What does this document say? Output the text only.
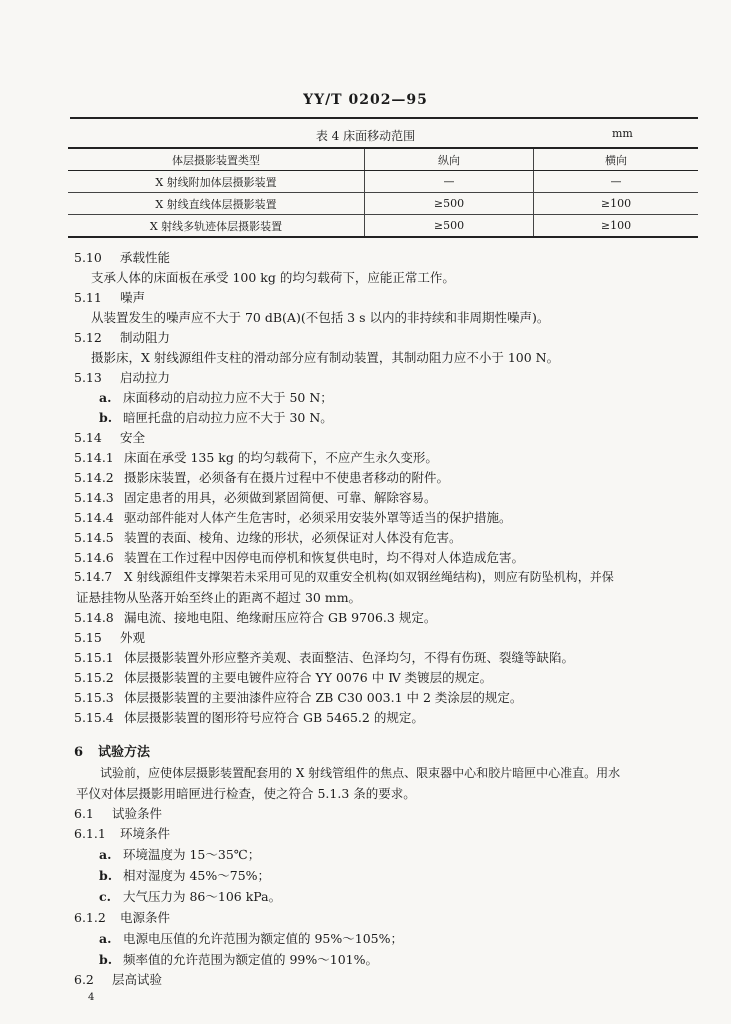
YY/T 0202—95
表 4 床面移动范围	mm
体层摄影装置类型	纵向	横向
X 射线附加体层摄影装置	—	—
X 射线直线体层摄影装置	≥500	≥100
X 射线多轨迹体层摄影装置	≥500	≥100
5.10 承载性能
支承人体的床面板在承受 100 kg 的均匀载荷下，应能正常工作。
5.11 噪声
从装置发生的噪声应不大于 70 dB(A)(不包括 3 s 以内的非持续和非周期性噪声)。
5.12 制动阻力
摄影床，X 射线源组件支柱的滑动部分应有制动装置，其制动阻力应不小于 100 N。
5.13 启动拉力
a. 床面移动的启动拉力应不大于 50 N；
b. 暗匣托盘的启动拉力应不大于 30 N。
5.14 安全
5.14.1 床面在承受 135 kg 的均匀载荷下，不应产生永久变形。
5.14.2 摄影床装置，必须备有在摄片过程中不使患者移动的附件。
5.14.3 固定患者的用具，必须做到紧固简便、可靠、解除容易。
5.14.4 驱动部件能对人体产生危害时，必须采用安装外罩等适当的保护措施。
5.14.5 装置的表面、棱角、边缘的形状，必须保证对人体没有危害。
5.14.6 装置在工作过程中因停电而停机和恢复供电时，均不得对人体造成危害。
5.14.7 X 射线源组件支撑架若未采用可见的双重安全机构(如双钢丝绳结构)，则应有防坠机构，并保
证悬挂物从坠落开始至终止的距离不超过 30 mm。
5.14.8 漏电流、接地电阻、绝缘耐压应符合 GB 9706.3 规定。
5.15 外观
5.15.1 体层摄影装置外形应整齐美观、表面整洁、色泽均匀，不得有伤斑、裂缝等缺陷。
5.15.2 体层摄影装置的主要电镀件应符合 YY 0076 中 Ⅳ 类镀层的规定。
5.15.3 体层摄影装置的主要油漆件应符合 ZB C30 003.1 中 2 类涂层的规定。
5.15.4 体层摄影装置的图形符号应符合 GB 5465.2 的规定。
6 试验方法
试验前，应使体层摄影装置配套用的 X 射线管组件的焦点、限束器中心和胶片暗匣中心准直。用水
平仪对体层摄影用暗匣进行检查，使之符合 5.1.3 条的要求。
6.1 试验条件
6.1.1 环境条件
a. 环境温度为 15～35℃；
b. 相对湿度为 45%～75%；
c. 大气压力为 86～106 kPa。
6.1.2 电源条件
a. 电源电压值的允许范围为额定值的 95%～105%；
b. 频率值的允许范围为额定值的 99%～101%。
6.2 层高试验
4
